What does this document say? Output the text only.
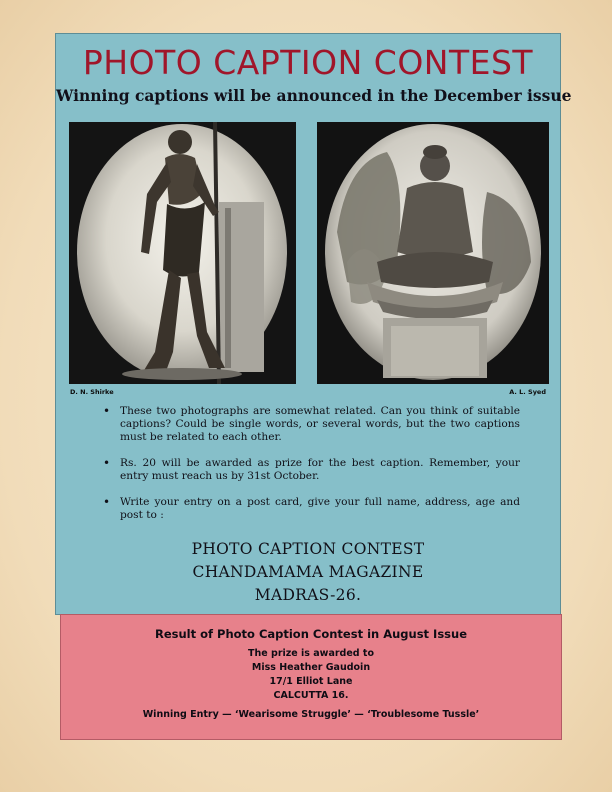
PHOTO CAPTION CONTEST
Winning captions will be announced in the December issue
D. N. Shirke	A. L. Syed
• These two photographs are somewhat related. Can you think of suitable captions? Could be single words, or several words, but the two captions must be related to each other.
• Rs. 20 will be awarded as prize for the best caption. Remember, your entry must reach us by 31st October.
• Write your entry on a post card, give your full name, address, age and post to :
PHOTO CAPTION CONTEST
CHANDAMAMA MAGAZINE
MADRAS-26.
Result of Photo Caption Contest in August Issue
The prize is awarded to
Miss Heather Gaudoin
17/1 Elliot Lane
CALCUTTA 16.
Winning Entry — ‘Wearisome Struggle’ — ‘Troublesome Tussle’
